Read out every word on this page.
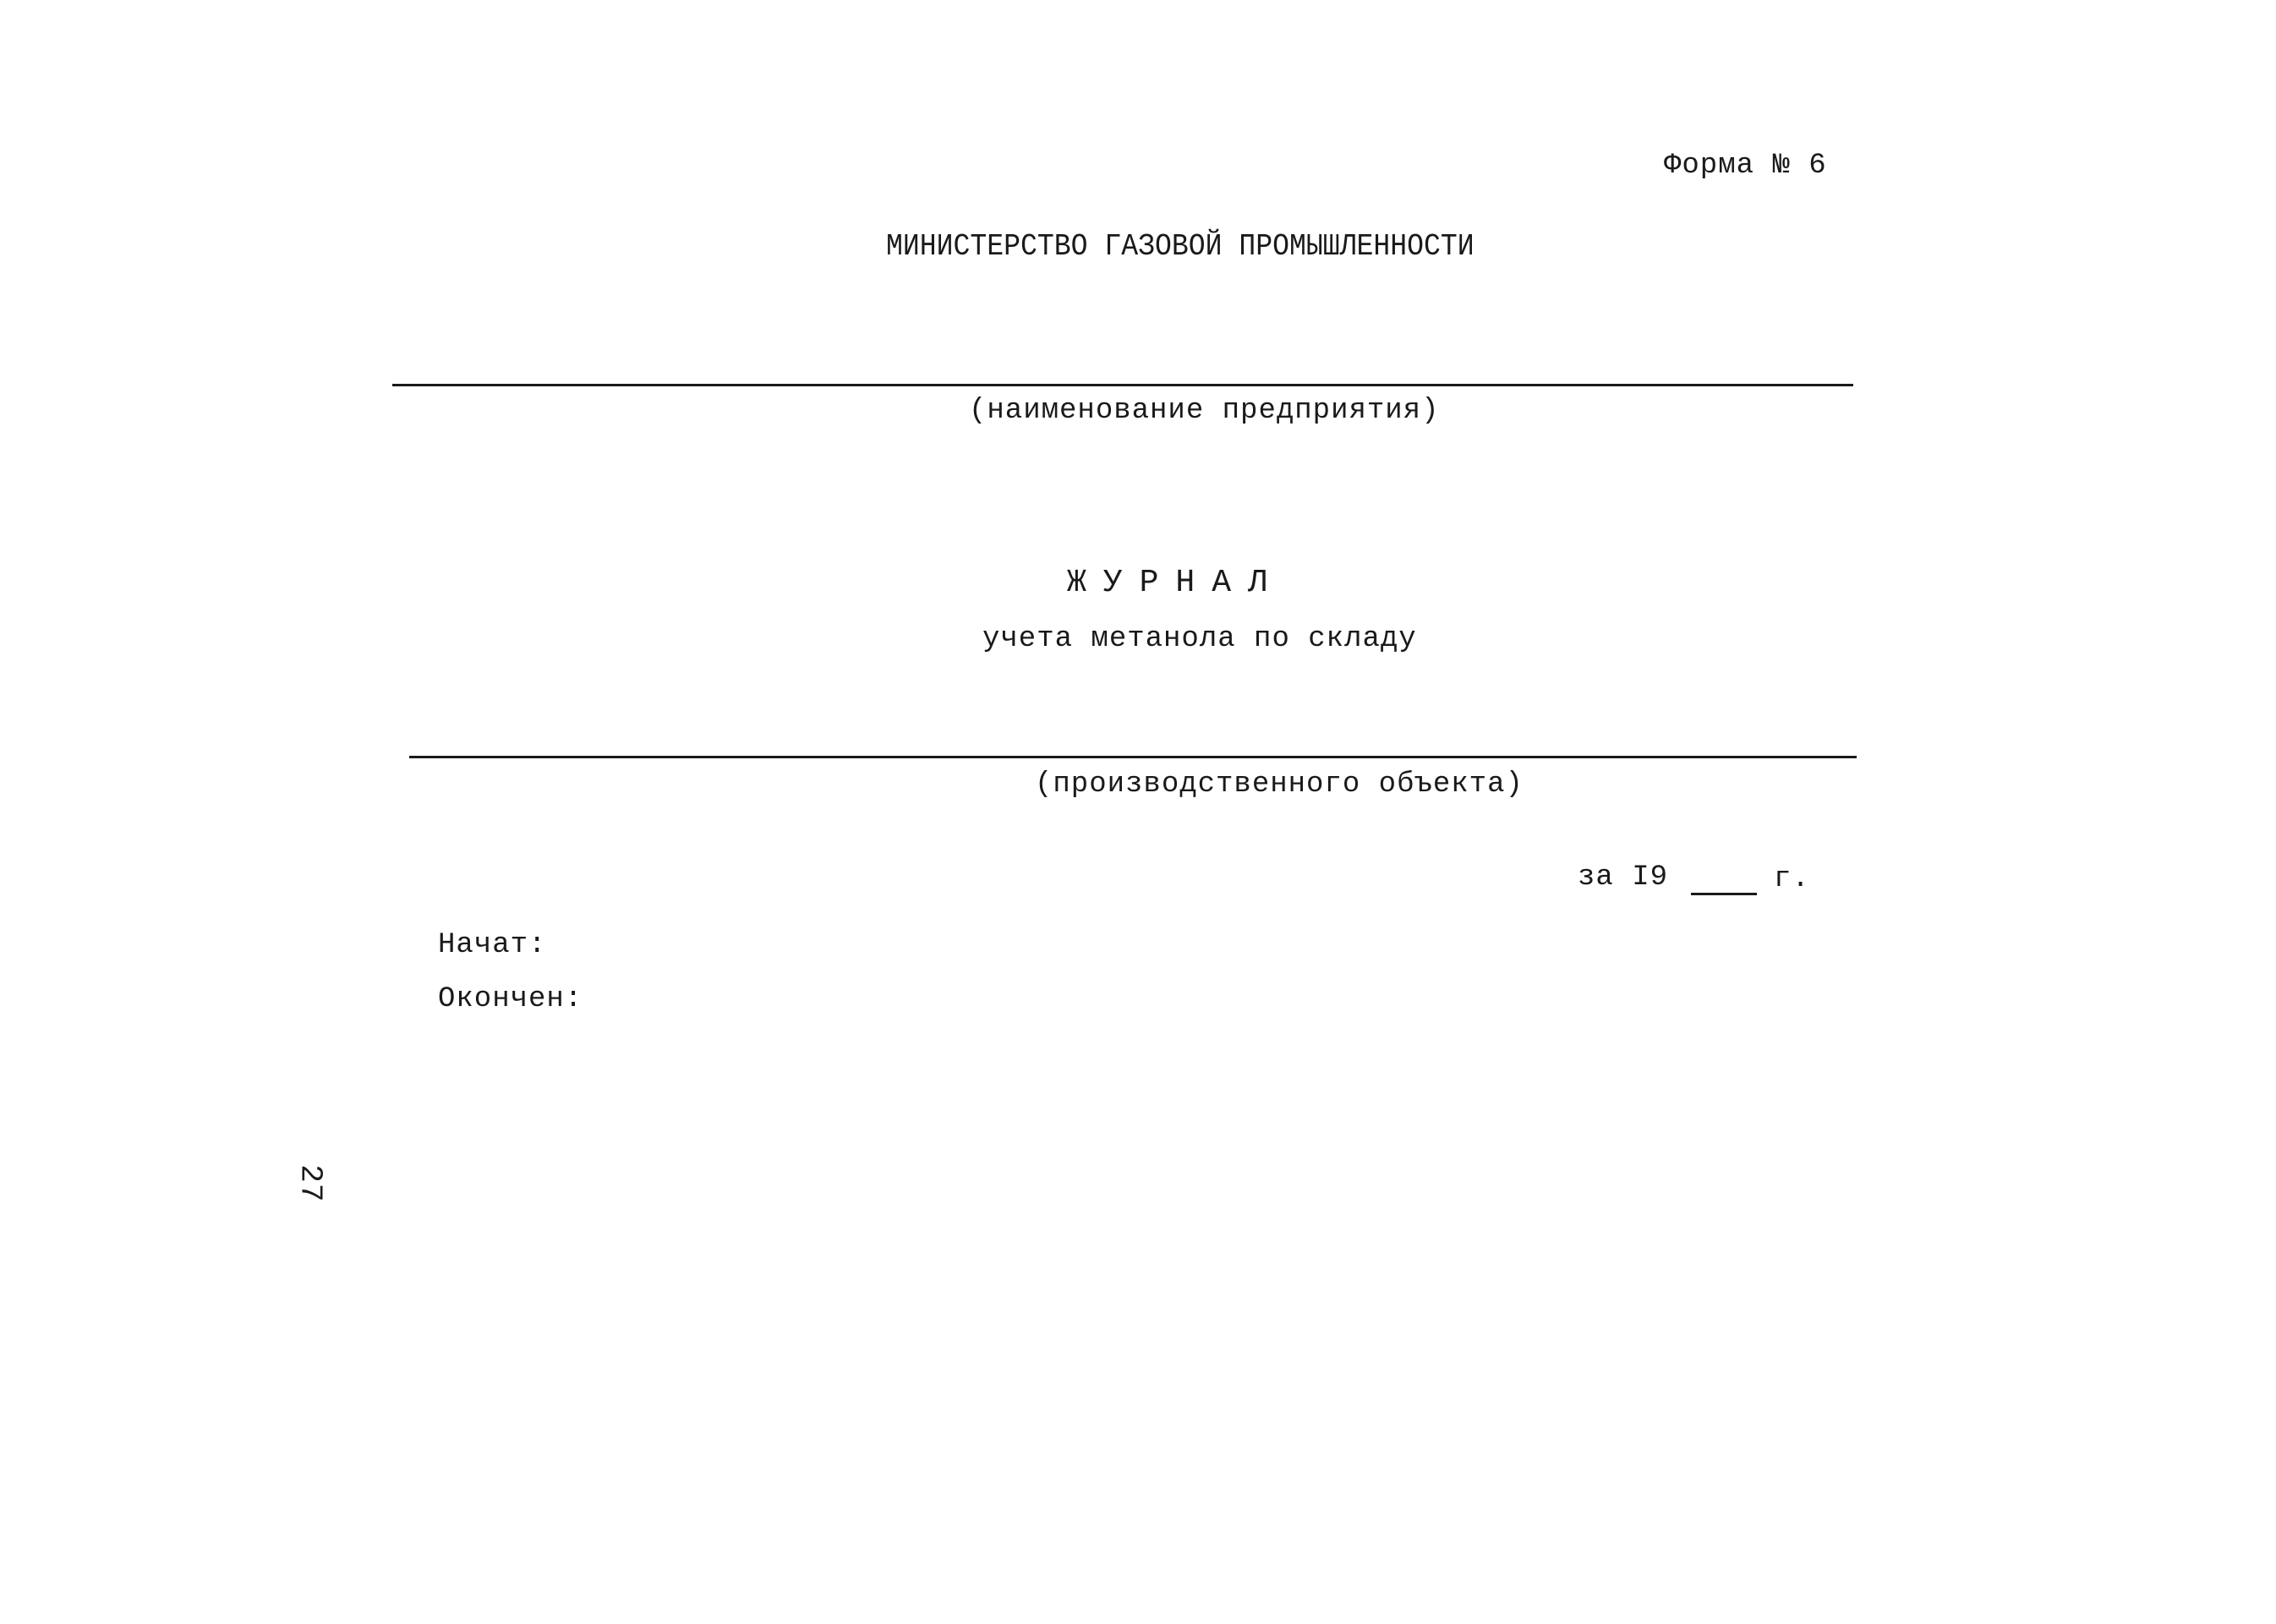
Форма № 6
МИНИСТЕРСТВО ГАЗОВОЙ ПРОМЫШЛЕННОСТИ
(наименование предприятия)
ЖУРНАЛ
учета метанола по складу
(производственного объекта)
за I9	г.
Начат:
Окончен:
27
